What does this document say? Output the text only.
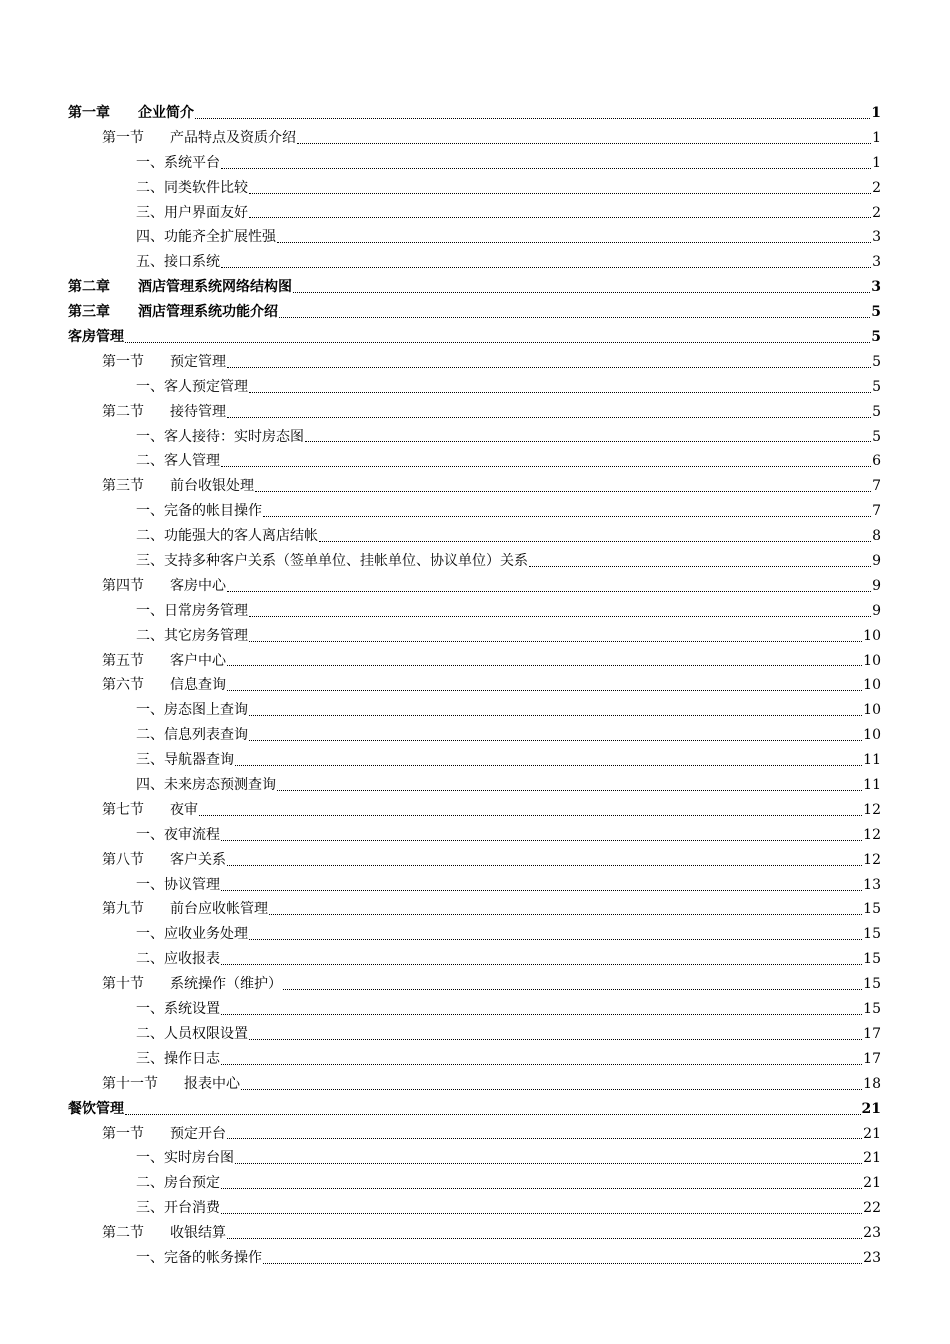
第一章 企业简介	1
第一节 产品特点及资质介绍	1
一、系统平台	1
二、同类软件比较	2
三、用户界面友好	2
四、功能齐全扩展性强	3
五、接口系统	3
第二章 酒店管理系统网络结构图	3
第三章 酒店管理系统功能介绍	5
客房管理	5
第一节 预定管理	5
一、客人预定管理	5
第二节 接待管理	5
一、客人接待：实时房态图	5
二、客人管理	6
第三节 前台收银处理	7
一、完备的帐目操作	7
二、功能强大的客人离店结帐	8
三、支持多种客户关系（签单单位、挂帐单位、协议单位）关系	9
第四节 客房中心	9
一、日常房务管理	9
二、其它房务管理	10
第五节 客户中心	10
第六节 信息查询	10
一、房态图上查询	10
二、信息列表查询	10
三、导航器查询	11
四、未来房态预测查询	11
第七节 夜审	12
一、夜审流程	12
第八节 客户关系	12
一、协议管理	13
第九节 前台应收帐管理	15
一、应收业务处理	15
二、应收报表	15
第十节 系统操作（维护）	15
一、系统设置	15
二、人员权限设置	17
三、操作日志	17
第十一节 报表中心	18
餐饮管理	21
第一节 预定开台	21
一、实时房台图	21
二、房台预定	21
三、开台消费	22
第二节 收银结算	23
一、完备的帐务操作	23
